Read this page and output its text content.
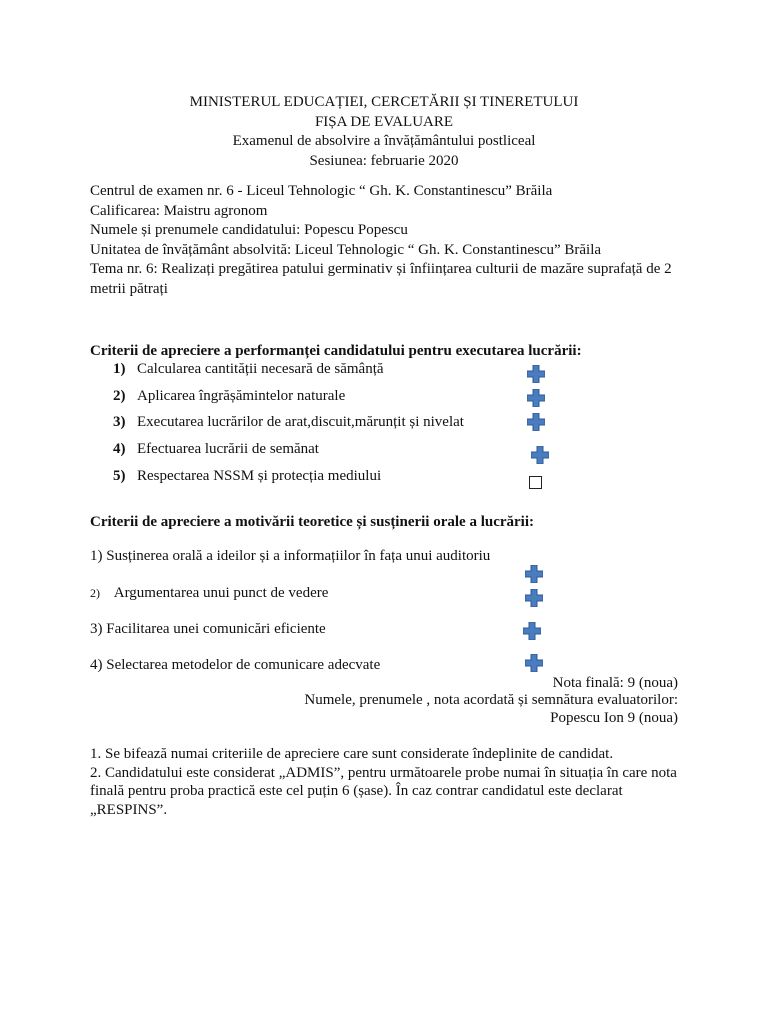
MINISTERUL EDUCAȚIEI, CERCETĂRII ȘI TINERETULUI
FIȘA DE EVALUARE
Examenul de absolvire a învățământului postliceal
Sesiunea: februarie 2020
Centrul de examen nr. 6 - Liceul Tehnologic “ Gh. K. Constantinescu” Brăila
Calificarea: Maistru agronom
Numele și prenumele candidatului: Popescu Popescu
Unitatea de învățământ absolvită: Liceul Tehnologic “ Gh. K. Constantinescu” Brăila
Tema nr. 6: Realizați pregătirea patului germinativ și înființarea culturii de mazăre suprafață de 2 metrii pătrați
Criterii de apreciere a performanței candidatului pentru executarea lucrării:
1) Calcularea cantității necesară de sămânță
2) Aplicarea îngrășămintelor naturale
3) Executarea lucrărilor de arat,discuit,mărunțit și nivelat
4) Efectuarea lucrării de semănat
5) Respectarea NSSM și protecția mediului
Criterii de apreciere a motivării teoretice și susținerii orale a lucrării:
1) Susținerea orală a ideilor și a informațiilor în fața unui auditoriu
2) Argumentarea unui punct de vedere
3) Facilitarea unei comunicări eficiente
4) Selectarea metodelor de comunicare adecvate
Nota finală: 9 (noua)
Numele, prenumele , nota acordată și semnătura evaluatorilor:
Popescu Ion 9 (noua)
1. Se bifează numai criteriile de apreciere care sunt considerate îndeplinite de candidat.
2. Candidatului este considerat „ADMIS”, pentru următoarele probe numai în situația în care nota finală pentru proba practică este cel puțin 6 (șase). În caz contrar candidatul este declarat „RESPINS”.
